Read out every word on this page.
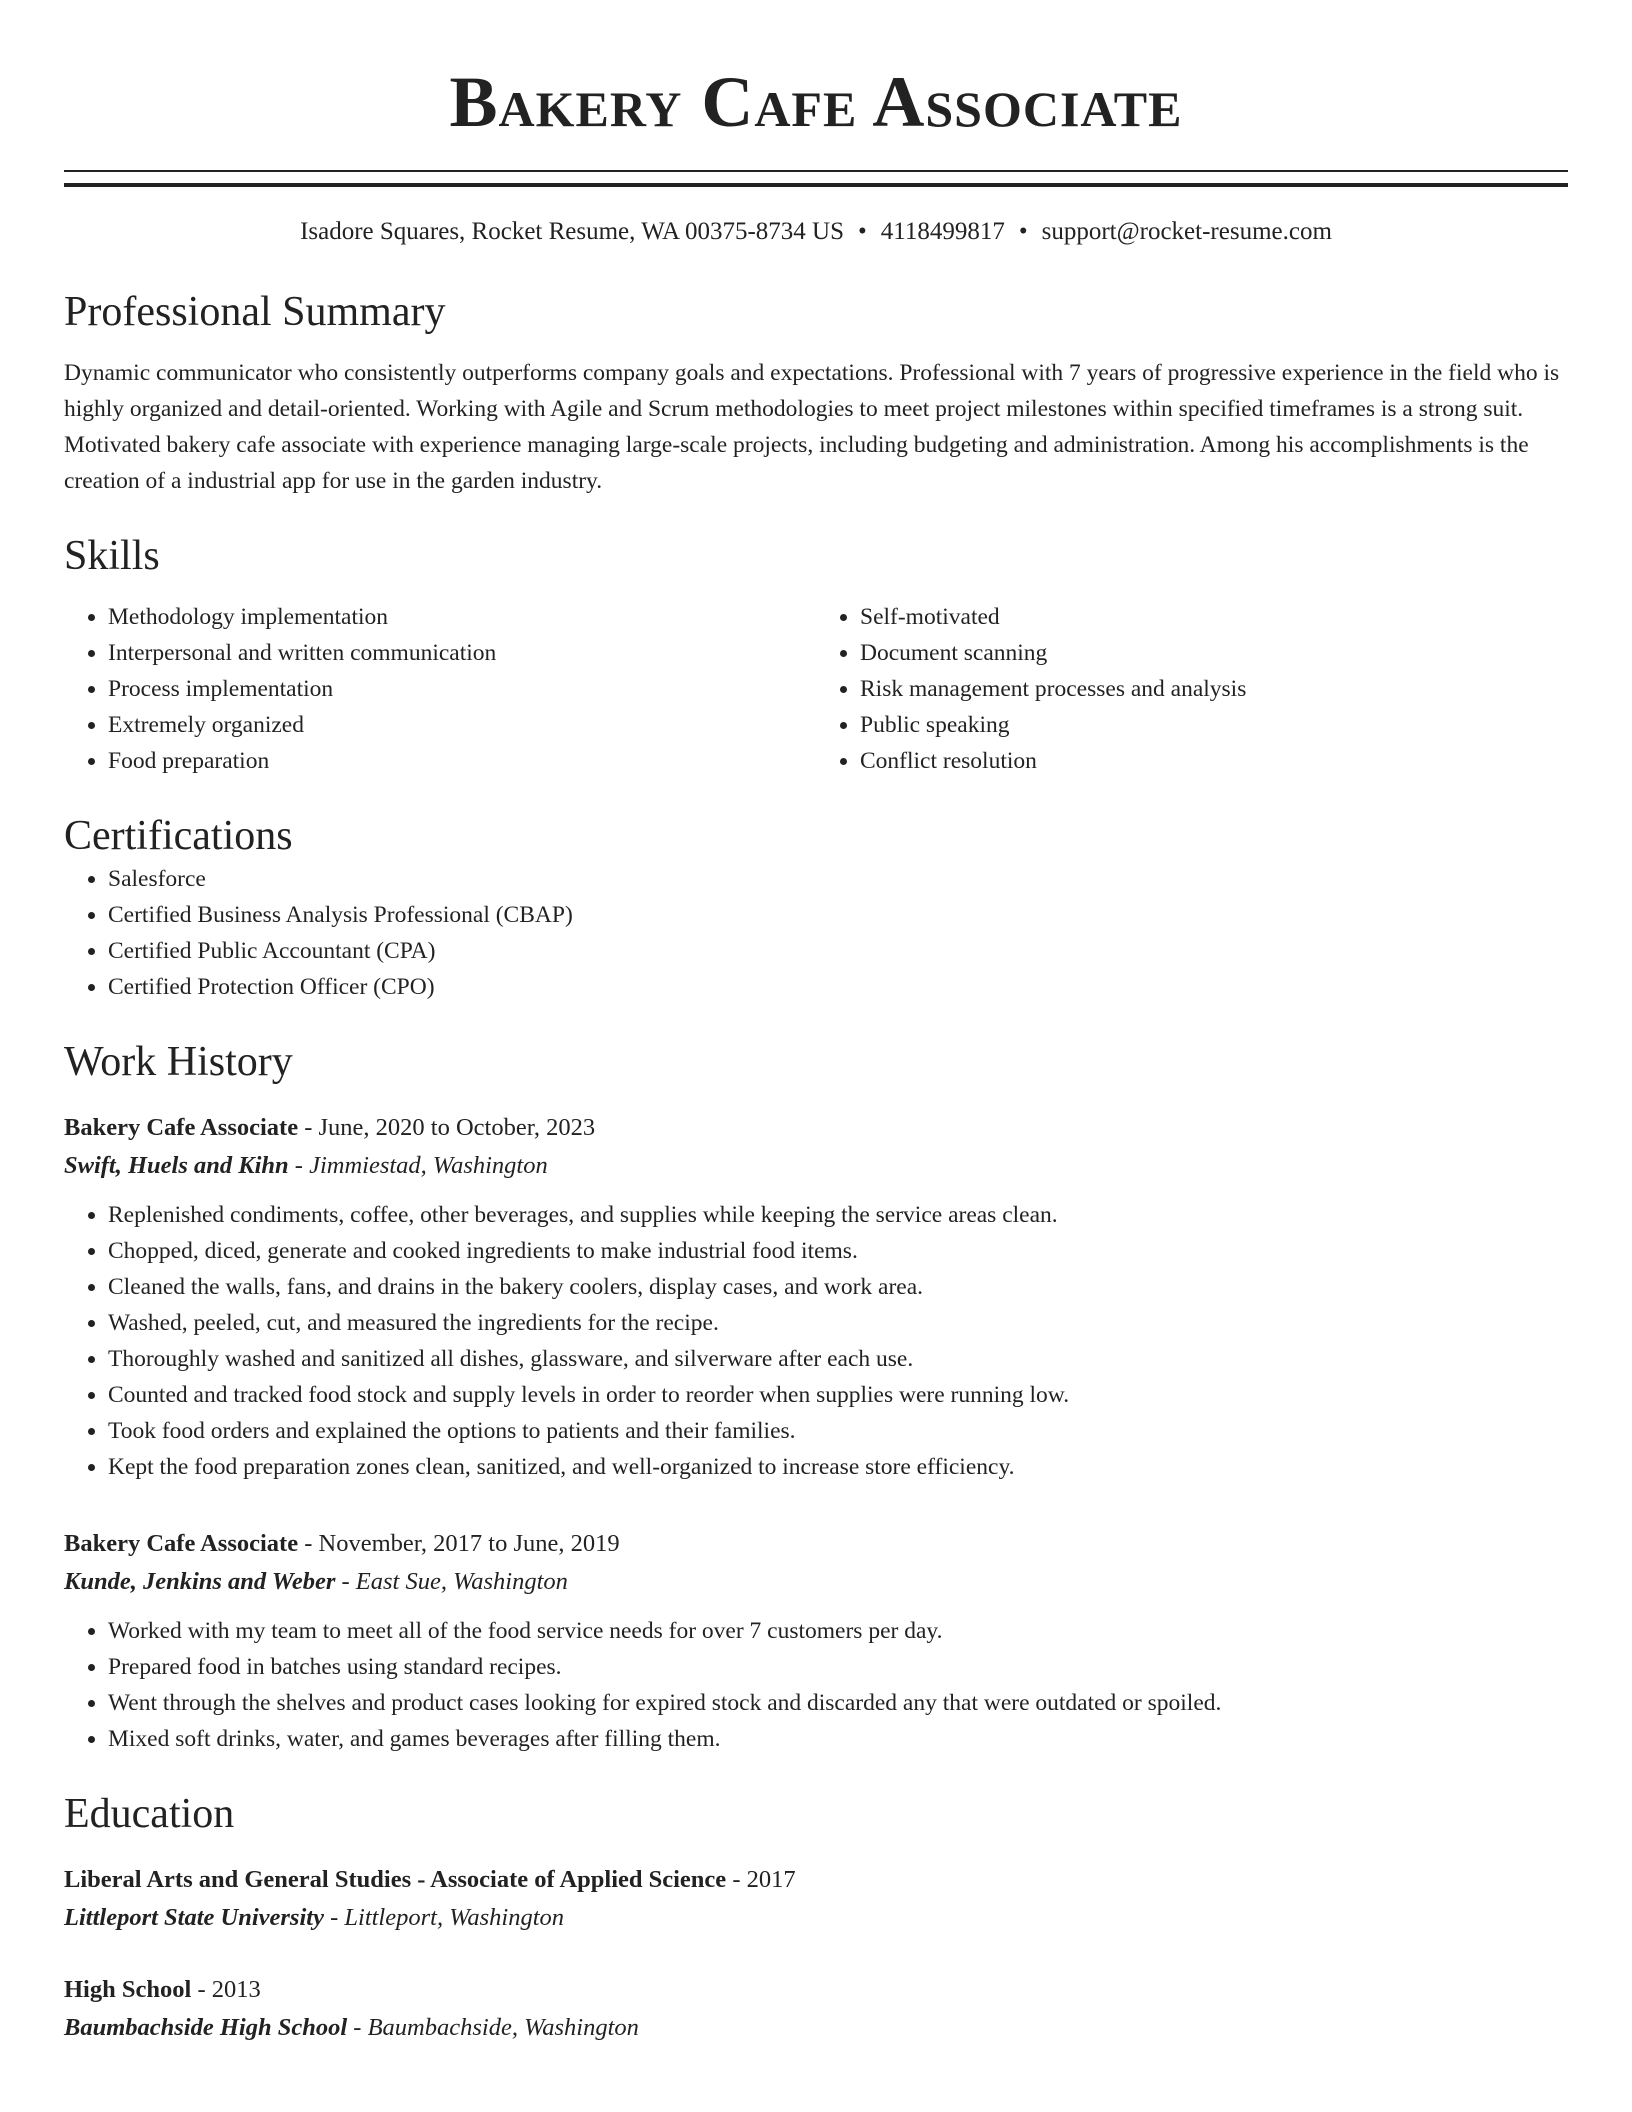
Bakery Cafe Associate
Isadore Squares, Rocket Resume, WA 00375-8734 US • 4118499817 • support@rocket-resume.com
Professional Summary

Dynamic communicator who consistently outperforms company goals and expectations. Professional with 7 years of progressive experience in the field who is highly organized and detail-oriented. Working with Agile and Scrum methodologies to meet project milestones within specified timeframes is a strong suit. Motivated bakery cafe associate with experience managing large-scale projects, including budgeting and administration. Among his accomplishments is the creation of a industrial app for use in the garden industry.

Skills
• Methodology implementation
• Interpersonal and written communication
• Process implementation
• Extremely organized
• Food preparation
• Self-motivated
• Document scanning
• Risk management processes and analysis
• Public speaking
• Conflict resolution
Certifications
• Salesforce
• Certified Business Analysis Professional (CBAP)
• Certified Public Accountant (CPA)
• Certified Protection Officer (CPO)
Work History
Bakery Cafe Associate - June, 2020 to October, 2023
Swift, Huels and Kihn - Jimmiestad, Washington
• Replenished condiments, coffee, other beverages, and supplies while keeping the service areas clean.
• Chopped, diced, generate and cooked ingredients to make industrial food items.
• Cleaned the walls, fans, and drains in the bakery coolers, display cases, and work area.
• Washed, peeled, cut, and measured the ingredients for the recipe.
• Thoroughly washed and sanitized all dishes, glassware, and silverware after each use.
• Counted and tracked food stock and supply levels in order to reorder when supplies were running low.
• Took food orders and explained the options to patients and their families.
• Kept the food preparation zones clean, sanitized, and well-organized to increase store efficiency.
Bakery Cafe Associate - November, 2017 to June, 2019
Kunde, Jenkins and Weber - East Sue, Washington
• Worked with my team to meet all of the food service needs for over 7 customers per day.
• Prepared food in batches using standard recipes.
• Went through the shelves and product cases looking for expired stock and discarded any that were outdated or spoiled.
• Mixed soft drinks, water, and games beverages after filling them.
Education
Liberal Arts and General Studies - Associate of Applied Science - 2017
Littleport State University - Littleport, Washington
High School - 2013
Baumbachside High School - Baumbachside, Washington
